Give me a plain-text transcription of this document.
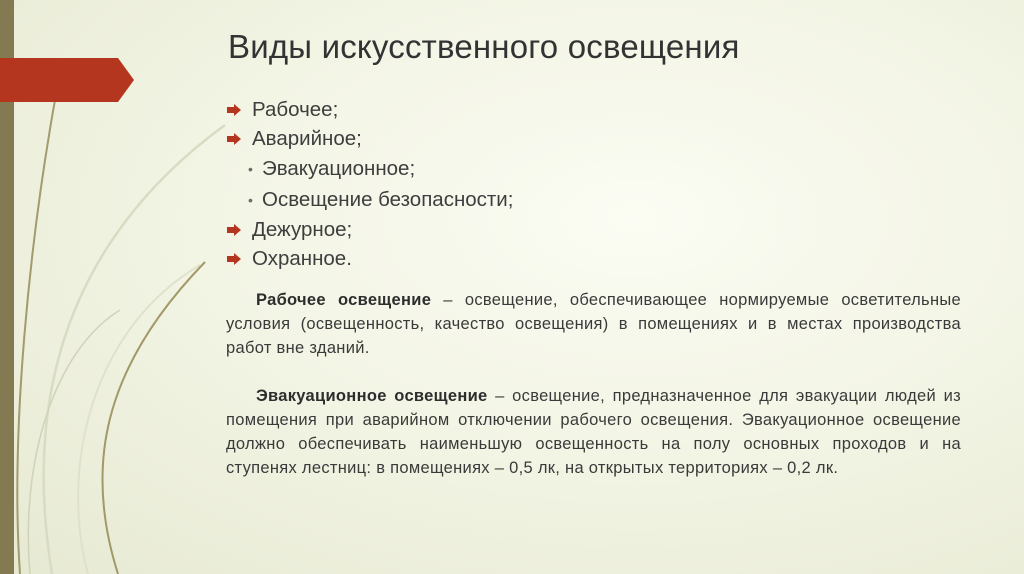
Виды искусственного освещения
Рабочее;
Аварийное;
• Эвакуационное;
• Освещение безопасности;
Дежурное;
Охранное.

Рабочее освещение – освещение, обеспечивающее нормируемые осветительные условия (освещенность, качество освещения) в помещениях и в местах производства работ вне зданий.

Эвакуационное освещение – освещение, предназначенное для эвакуации людей из помещения при аварийном отключении рабочего освещения. Эвакуационное освещение должно обеспечивать наименьшую освещенность на полу основных проходов и на ступенях лестниц: в помещениях – 0,5 лк, на открытых территориях – 0,2 лк.
